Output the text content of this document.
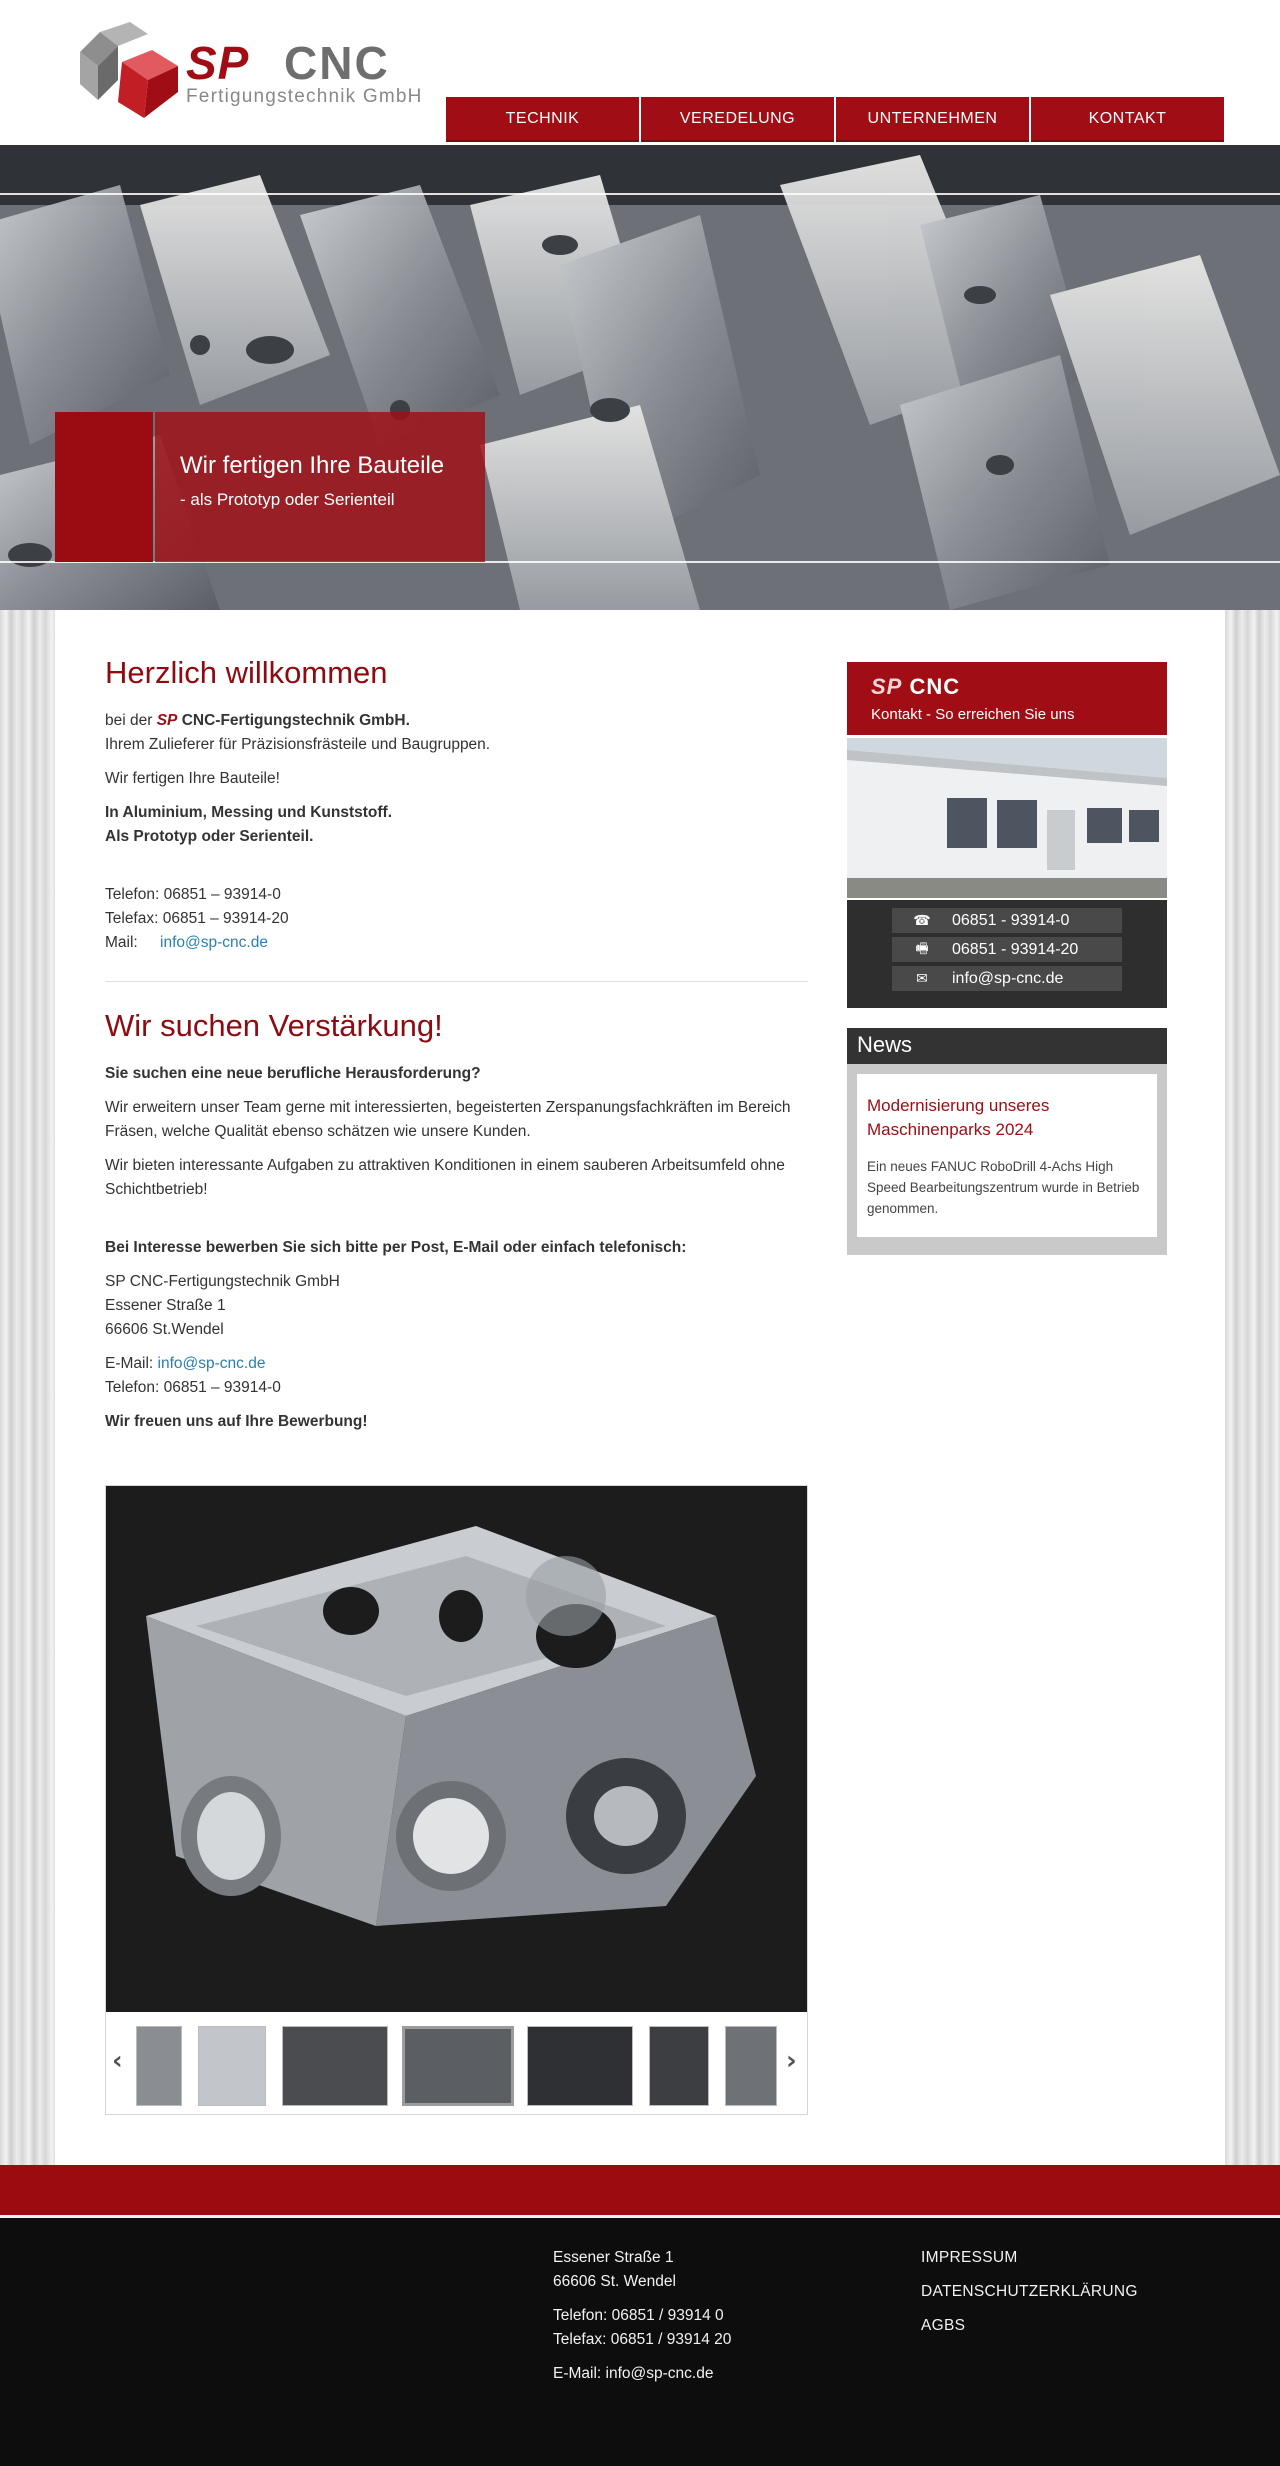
SP CNC
Fertigungstechnik GmbH
TECHNIK	VEREDELUNG	UNTERNEHMEN	KONTAKT
Wir fertigen Ihre Bauteile
- als Prototyp oder Serienteil
Herzlich willkommen
bei der SP CNC-Fertigungstechnik GmbH.
Ihrem Zulieferer für Präzisionsfrästeile und Baugruppen.
Wir fertigen Ihre Bauteile!
In Aluminium, Messing und Kunststoff.
Als Prototyp oder Serienteil.
Telefon: 06851 – 93914-0
Telefax: 06851 – 93914-20
Mail: info@sp-cnc.de
Wir suchen Verstärkung!
Sie suchen eine neue berufliche Herausforderung?
Wir erweitern unser Team gerne mit interessierten, begeisterten Zerspanungsfachkräften im Bereich Fräsen, welche Qualität ebenso schätzen wie unsere Kunden.
Wir bieten interessante Aufgaben zu attraktiven Konditionen in einem sauberen Arbeitsumfeld ohne Schichtbetrieb!
Bei Interesse bewerben Sie sich bitte per Post, E-Mail oder einfach telefonisch:
SP CNC-Fertigungstechnik GmbH
Essener Straße 1
66606 St.Wendel
E-Mail: info@sp-cnc.de
Telefon: 06851 – 93914-0
Wir freuen uns auf Ihre Bewerbung!
‹	›
SP CNC
Kontakt - So erreichen Sie uns
☎	06851 - 93914-0
🖷	06851 - 93914-20
✉	info@sp-cnc.de
News
Modernisierung unseres Maschinenparks 2024
Ein neues FANUC RoboDrill 4-Achs High Speed Bearbeitungszentrum wurde in Betrieb genommen.
Essener Straße 1
66606 St. Wendel
Telefon: 06851 / 93914 0
Telefax: 06851 / 93914 20
E-Mail: info@sp-cnc.de
IMPRESSUM
DATENSCHUTZERKLÄRUNG
AGBS
